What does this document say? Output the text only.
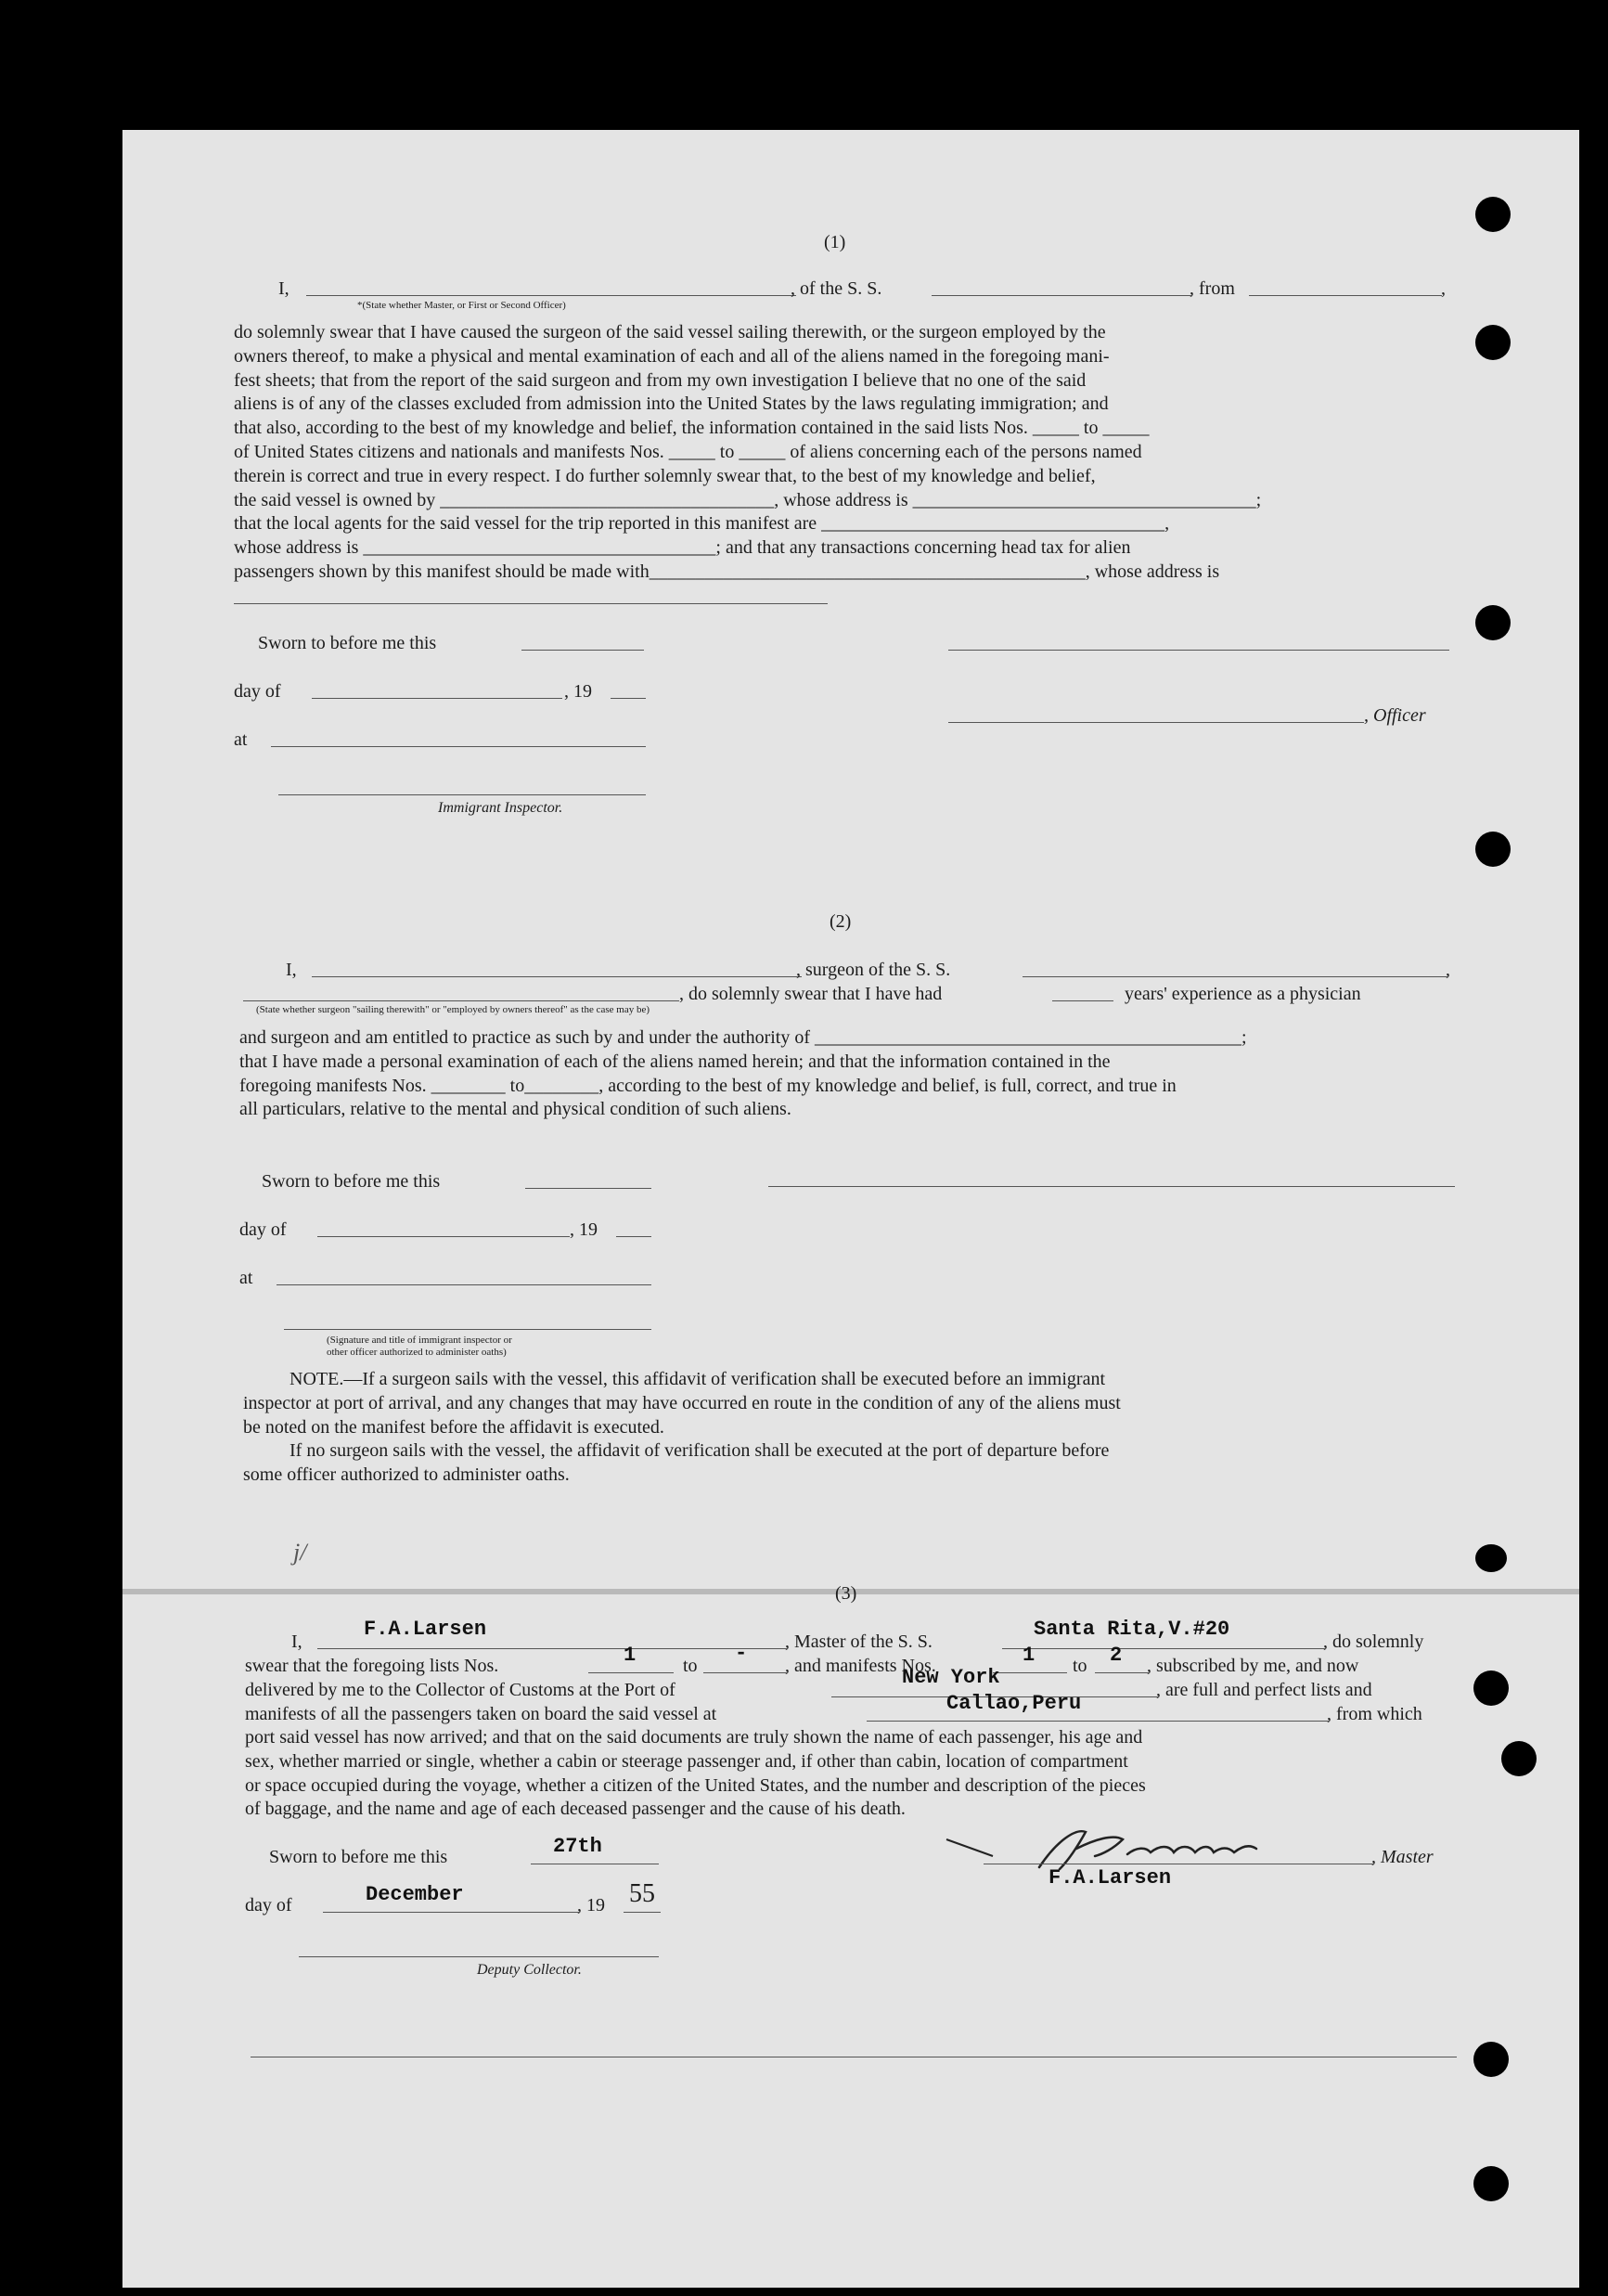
(1)
I,	, of the S. S.	, from	,
*(State whether Master, or First or Second Officer)
do solemnly swear that I have caused the surgeon of the said vessel sailing therewith, or the surgeon employed by the
owners thereof, to make a physical and mental examination of each and all of the aliens named in the foregoing mani-
fest sheets; that from the report of the said surgeon and from my own investigation I believe that no one of the said
aliens is of any of the classes excluded from admission into the United States by the laws regulating immigration; and
that also, according to the best of my knowledge and belief, the information contained in the said lists Nos. _____ to _____
of United States citizens and nationals and manifests Nos. _____ to _____ of aliens concerning each of the persons named
therein is correct and true in every respect. I do further solemnly swear that, to the best of my knowledge and belief,
the said vessel is owned by ____________________________________, whose address is _____________________________________;
that the local agents for the said vessel for the trip reported in this manifest are _____________________________________,
whose address is ______________________________________; and that any transactions concerning head tax for alien
passengers shown by this manifest should be made with_______________________________________________, whose address is
Sworn to before me this
day of	, 19
, Officer
at
Immigrant Inspector.
(2)
I,	, surgeon of the S. S.	,
, do solemnly swear that I have had	years' experience as a physician
(State whether surgeon "sailing therewith" or "employed by owners thereof" as the case may be)
and surgeon and am entitled to practice as such by and under the authority of ______________________________________________;
that I have made a personal examination of each of the aliens named herein; and that the information contained in the
foregoing manifests Nos. ________ to________, according to the best of my knowledge and belief, is full, correct, and true in
all particulars, relative to the mental and physical condition of such aliens.
Sworn to before me this
day of	, 19
at
(Signature and title of immigrant inspector or
other officer authorized to administer oaths)
NOTE.—If a surgeon sails with the vessel, this affidavit of verification shall be executed before an immigrant
inspector at port of arrival, and any changes that may have occurred en route in the condition of any of the aliens must
be noted on the manifest before the affidavit is executed.
If no surgeon sails with the vessel, the affidavit of verification shall be executed at the port of departure before
some officer authorized to administer oaths.
j/
(3)
I,
F.A.Larsen
, Master of the S. S.
Santa Rita,V.#20
, do solemnly
swear that the foregoing lists Nos.	1	to
-
, and manifests Nos.	1 to 2 , subscribed by me, and now
delivered by me to the Collector of Customs at the Port of
New York
, are full and perfect lists and
manifests of all the passengers taken on board the said vessel at	Callao,Peru	, from which
port said vessel has now arrived; and that on the said documents are truly shown the name of each passenger, his age and
sex, whether married or single, whether a cabin or steerage passenger and, if other than cabin, location of compartment
or space occupied during the voyage, whether a citizen of the United States, and the number and description of the pieces
of baggage, and the name and age of each deceased passenger and the cause of his death.
Sworn to before me this	27th	, Master
F.A.Larsen
day of	December	, 19 55
Deputy Collector.
